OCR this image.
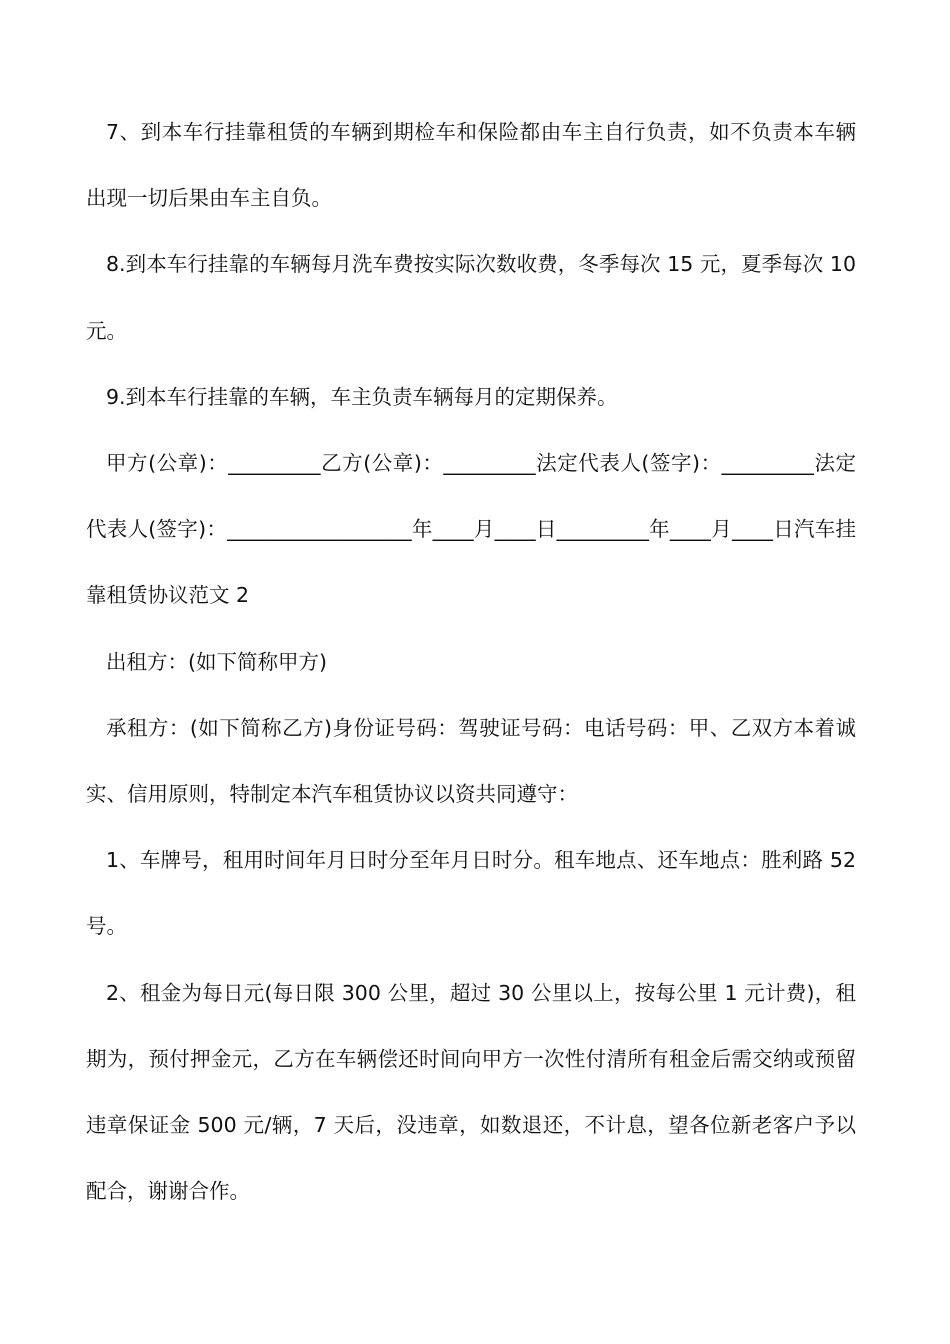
7、到本车行挂靠租赁的车辆到期检车和保险都由车主自行负责，如不负责本车辆出现一切后果由车主自负。

8.到本车行挂靠的车辆每月洗车费按实际次数收费，冬季每次 15 元，夏季每次 10 元。

9.到本车行挂靠的车辆，车主负责车辆每月的定期保养。

甲方(公章)：_________乙方(公章)：_________法定代表人(签字)：_________法定代表人(签字)：__________________年____月____日_________年____月____日汽车挂靠租赁协议范文 2

出租方：(如下简称甲方)

承租方：(如下简称乙方)身份证号码：驾驶证号码：电话号码：甲、乙双方本着诚实、信用原则，特制定本汽车租赁协议以资共同遵守：

1、车牌号，租用时间年月日时分至年月日时分。租车地点、还车地点：胜利路 52 号。

2、租金为每日元(每日限 300 公里，超过 30 公里以上，按每公里 1 元计费)，租期为，预付押金元，乙方在车辆偿还时间向甲方一次性付清所有租金后需交纳或预留违章保证金 500 元/辆，7 天后，没违章，如数退还，不计息，望各位新老客户予以配合，谢谢合作。
